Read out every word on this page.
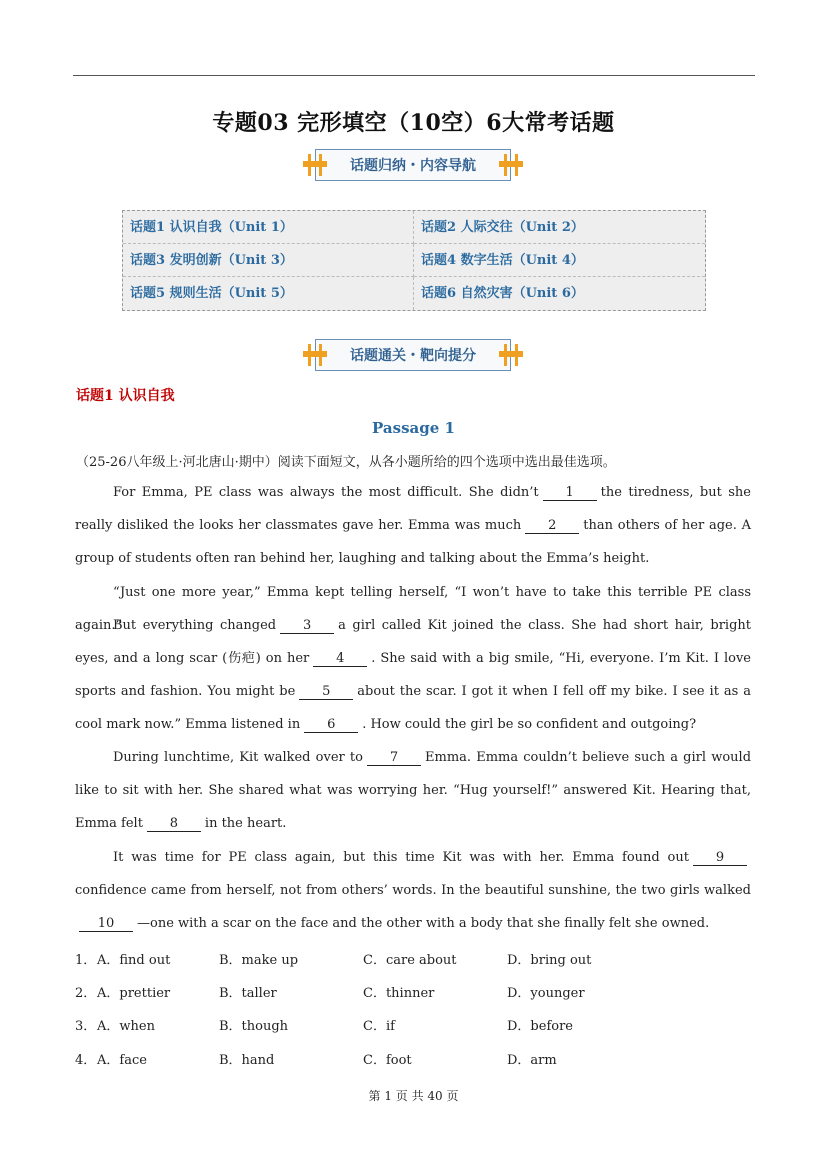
专题03 完形填空（10空）6大常考话题
话题归纳・内容导航
话题1 认识自我（Unit 1）	话题2 人际交往（Unit 2）
话题3 发明创新（Unit 3）	话题4 数字生活（Unit 4）
话题5 规则生活（Unit 5）	话题6 自然灾害（Unit 6）
话题通关・靶向提分
话题1 认识自我
Passage 1
（25-26八年级上·河北唐山·期中）阅读下面短文，从各小题所给的四个选项中选出最佳选项。
For Emma, PE class was always the most difficult. She didn’t 1 the tiredness, but she really disliked the looks her classmates gave her. Emma was much 2 than others of her age. A group of students often ran behind her, laughing and talking about the Emma’s height.
“Just one more year,” Emma kept telling herself, “I won’t have to take this terrible PE class again.”
But everything changed 3 a girl called Kit joined the class. She had short hair, bright eyes, and a long scar (伤疤) on her 4 . She said with a big smile, “Hi, everyone. I’m Kit. I love sports and fashion. You might be 5 about the scar. I got it when I fell off my bike. I see it as a cool mark now.” Emma listened in 6 . How could the girl be so confident and outgoing?
During lunchtime, Kit walked over to 7 Emma. Emma couldn’t believe such a girl would like to sit with her. She shared what was worrying her. “Hug yourself!” answered Kit. Hearing that, Emma felt 8 in the heart.
It was time for PE class again, but this time Kit was with her. Emma found out 9confidence came from herself, not from others’ words. In the beautiful sunshine, the two girls walked10 —one with a scar on the face and the other with a body that she finally felt she owned.
1． A．find out	B．make up	C．care about	D．bring out
2． A．prettier	B．taller	C．thinner	D．younger
3． A．when	B．though	C．if	D．before
4． A．face	B．hand	C．foot	D．arm
第 1 页 共 40 页
